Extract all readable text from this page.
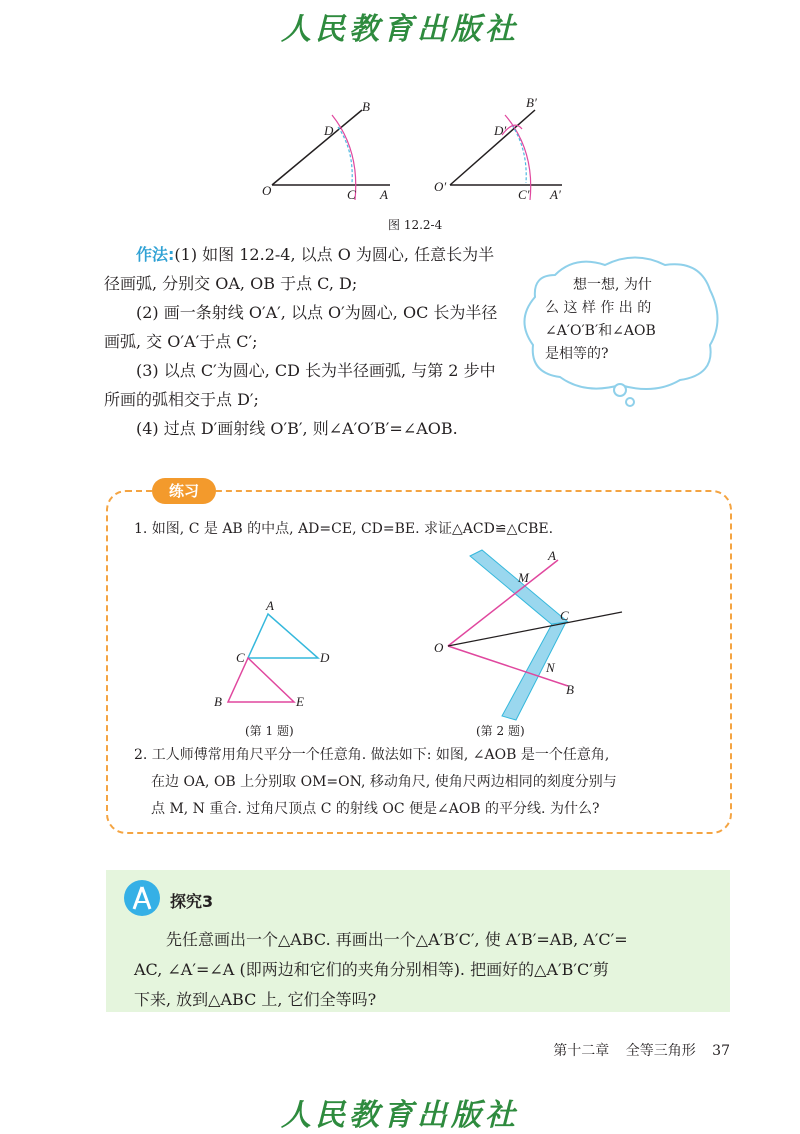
人民教育出版社
B
D
O	C A
B′
D′
O′
C′ A′
图 12.2-4

作法:(1) 如图 12.2-4, 以点 O 为圆心, 任意长为半径画弧, 分别交 OA, OB 于点 C, D;

(2) 画一条射线 O′A′, 以点 O′为圆心, OC 长为半径画弧, 交 O′A′于点 C′;

(3) 以点 C′为圆心, CD 长为半径画弧, 与第 2 步中所画的弧相交于点 D′;

(4) 过点 D′画射线 O′B′, 则∠A′O′B′=∠AOB.

想一想, 为什
么 这 样 作 出 的
∠A′O′B′和∠AOB
是相等的?
练习
1. 如图, C 是 AB 的中点, AD=CE, CD=BE. 求证△ACD≌△CBE.
A
C	D
B	E
(第 1 题)
A
M
C
O
N
B
(第 2 题)

2. 工人师傅常用角尺平分一个任意角. 做法如下: 如图, ∠AOB 是一个任意角,

在边 OA, OB 上分别取 OM=ON, 移动角尺, 使角尺两边相同的刻度分别与

点 M, N 重合. 过角尺顶点 C 的射线 OC 便是∠AOB 的平分线. 为什么?

探究3

先任意画出一个△ABC. 再画出一个△A′B′C′, 使 A′B′=AB, A′C′=

AC, ∠A′=∠A (即两边和它们的夹角分别相等). 把画好的△A′B′C′剪

下来, 放到△ABC 上, 它们全等吗?

第十二章 全等三角形 37
人民教育出版社
